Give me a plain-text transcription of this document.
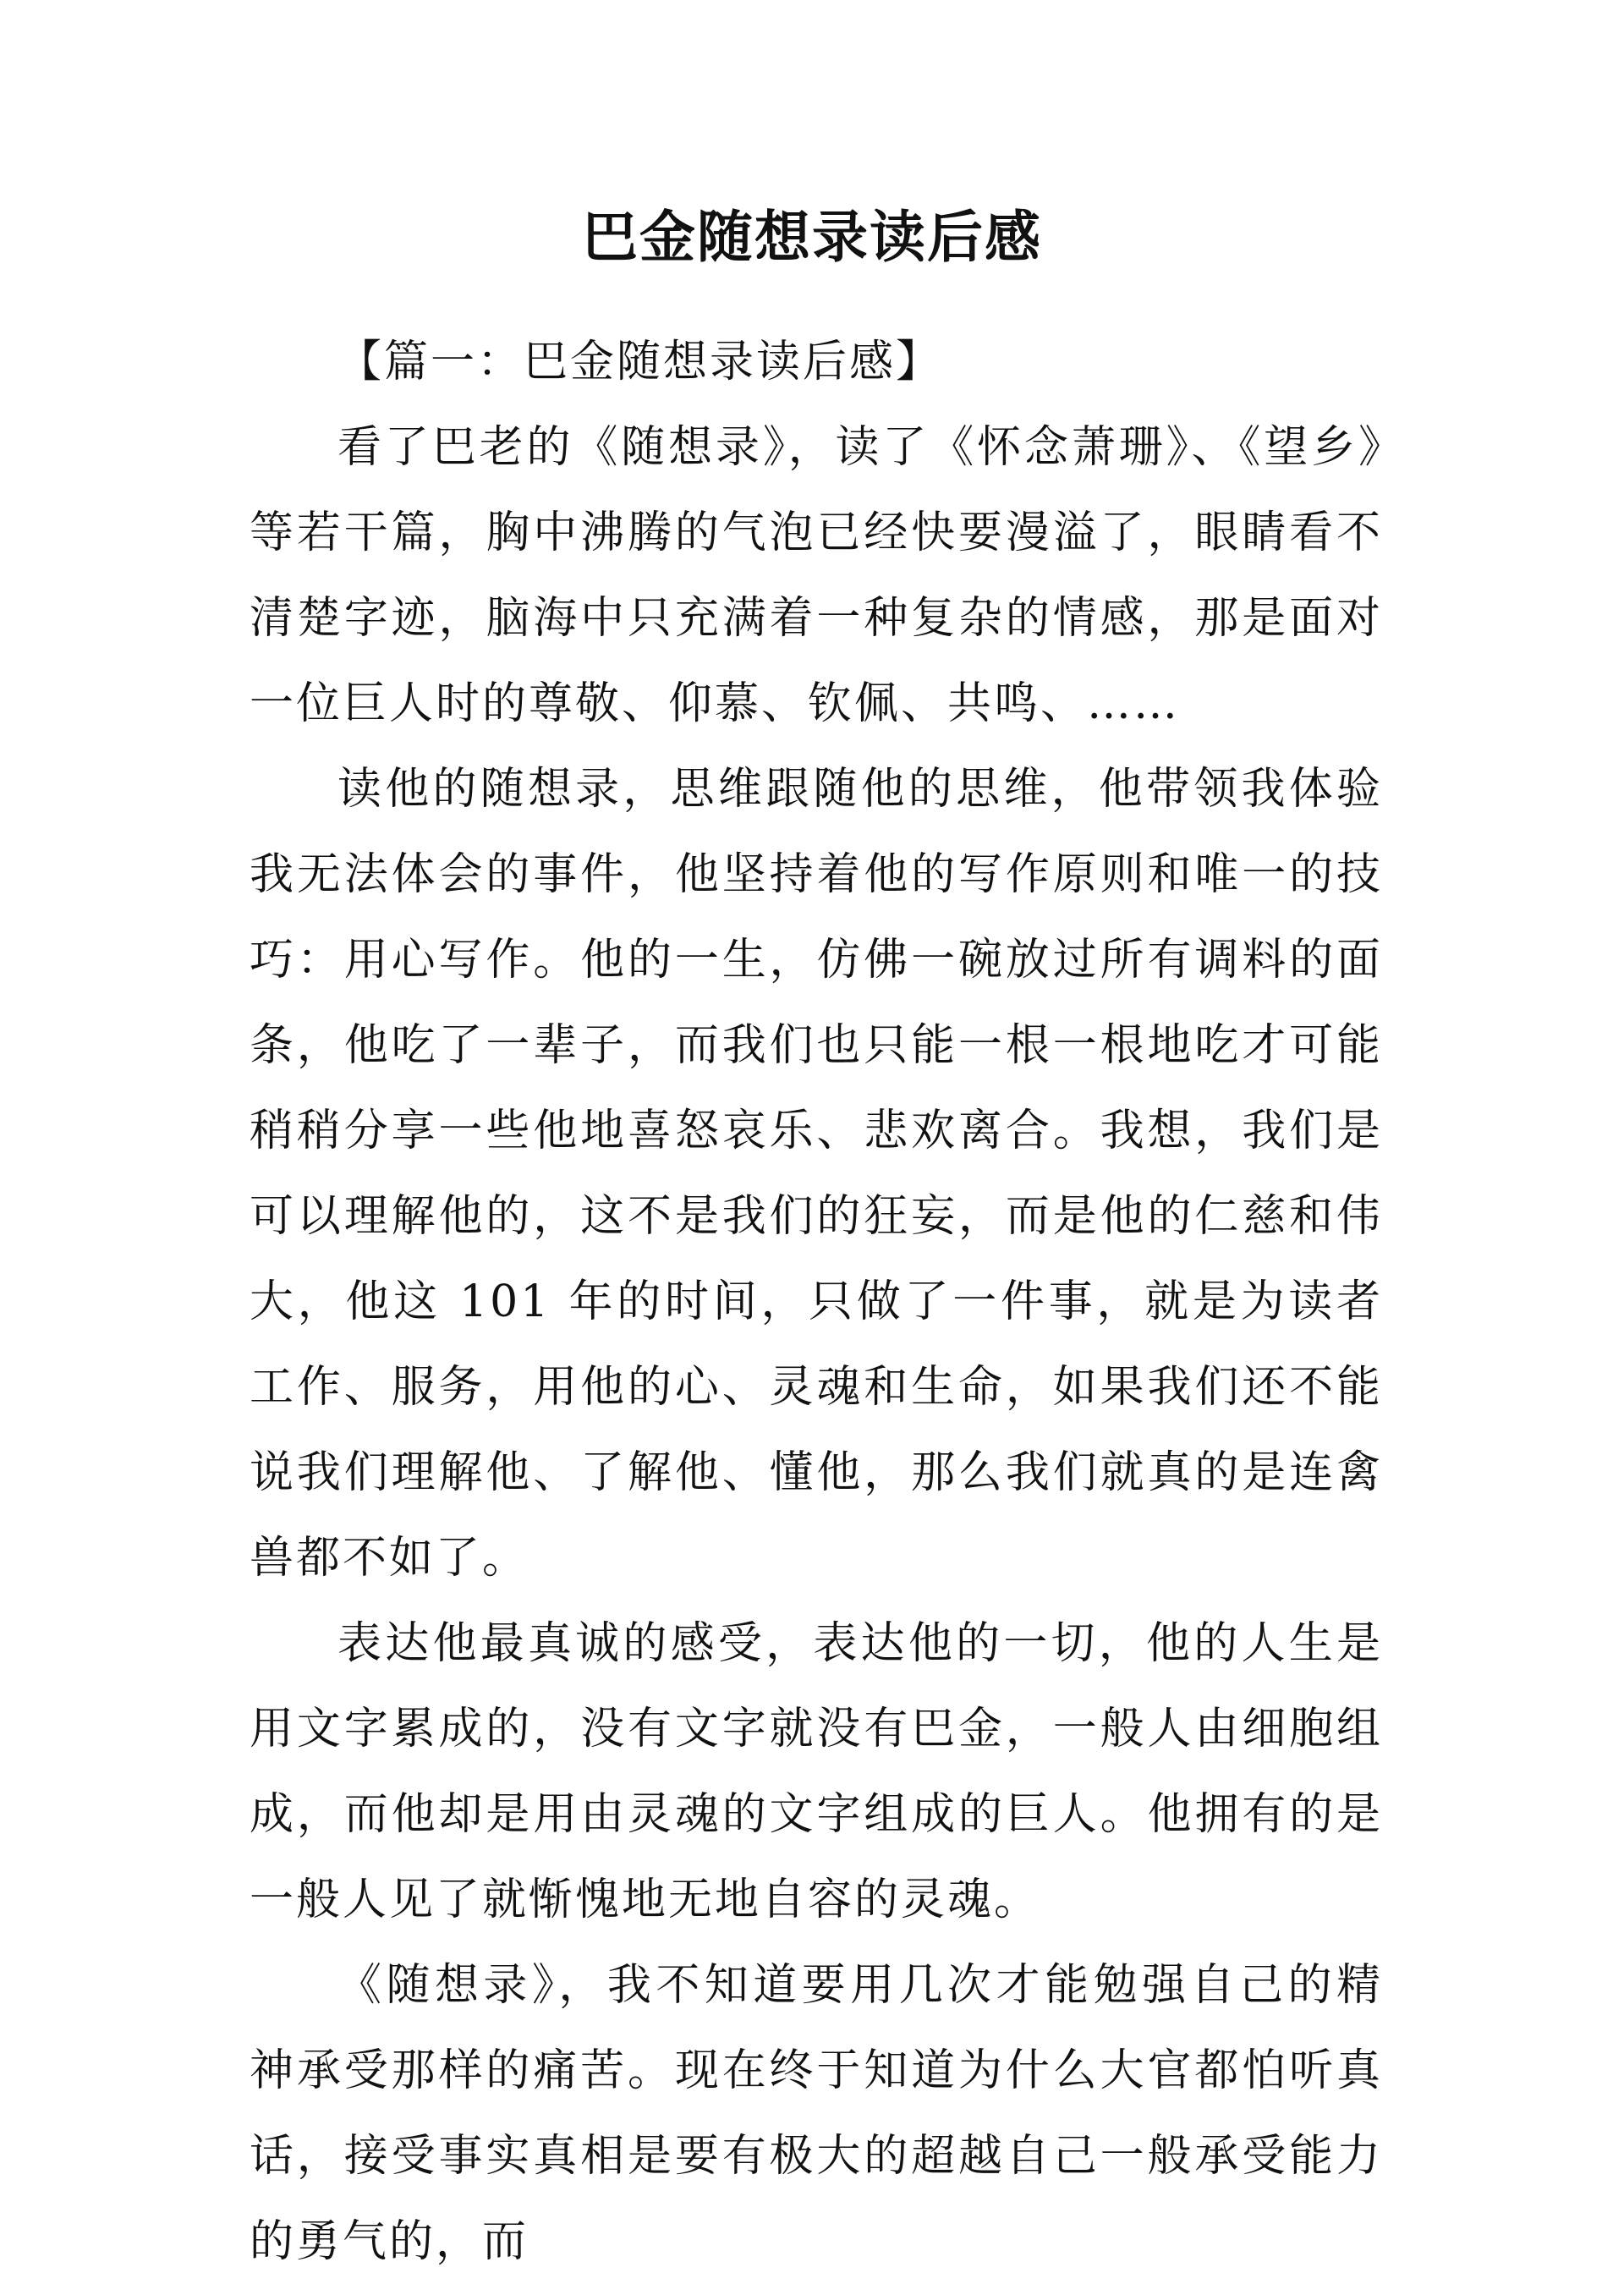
巴金随想录读后感

【篇一：巴金随想录读后感】

看了巴老的《随想录》，读了《怀念萧珊》、《望乡》等若干篇，胸中沸腾的气泡已经快要漫溢了，眼睛看不清楚字迹，脑海中只充满着一种复杂的情感，那是面对一位巨人时的尊敬、仰慕、钦佩、共鸣、……

读他的随想录，思维跟随他的思维，他带领我体验我无法体会的事件，他坚持着他的写作原则和唯一的技巧：用心写作。他的一生，仿佛一碗放过所有调料的面条，他吃了一辈子，而我们也只能一根一根地吃才可能稍稍分享一些他地喜怒哀乐、悲欢离合。我想，我们是可以理解他的，这不是我们的狂妄，而是他的仁慈和伟大，他这 101 年的时间，只做了一件事，就是为读者工作、服务，用他的心、灵魂和生命，如果我们还不能说我们理解他、了解他、懂他，那么我们就真的是连禽兽都不如了。

表达他最真诚的感受，表达他的一切，他的人生是用文字累成的，没有文字就没有巴金，一般人由细胞组成，而他却是用由灵魂的文字组成的巨人。他拥有的是一般人见了就惭愧地无地自容的灵魂。

《随想录》，我不知道要用几次才能勉强自己的精神承受那样的痛苦。现在终于知道为什么大官都怕听真话，接受事实真相是要有极大的超越自己一般承受能力的勇气的，而
